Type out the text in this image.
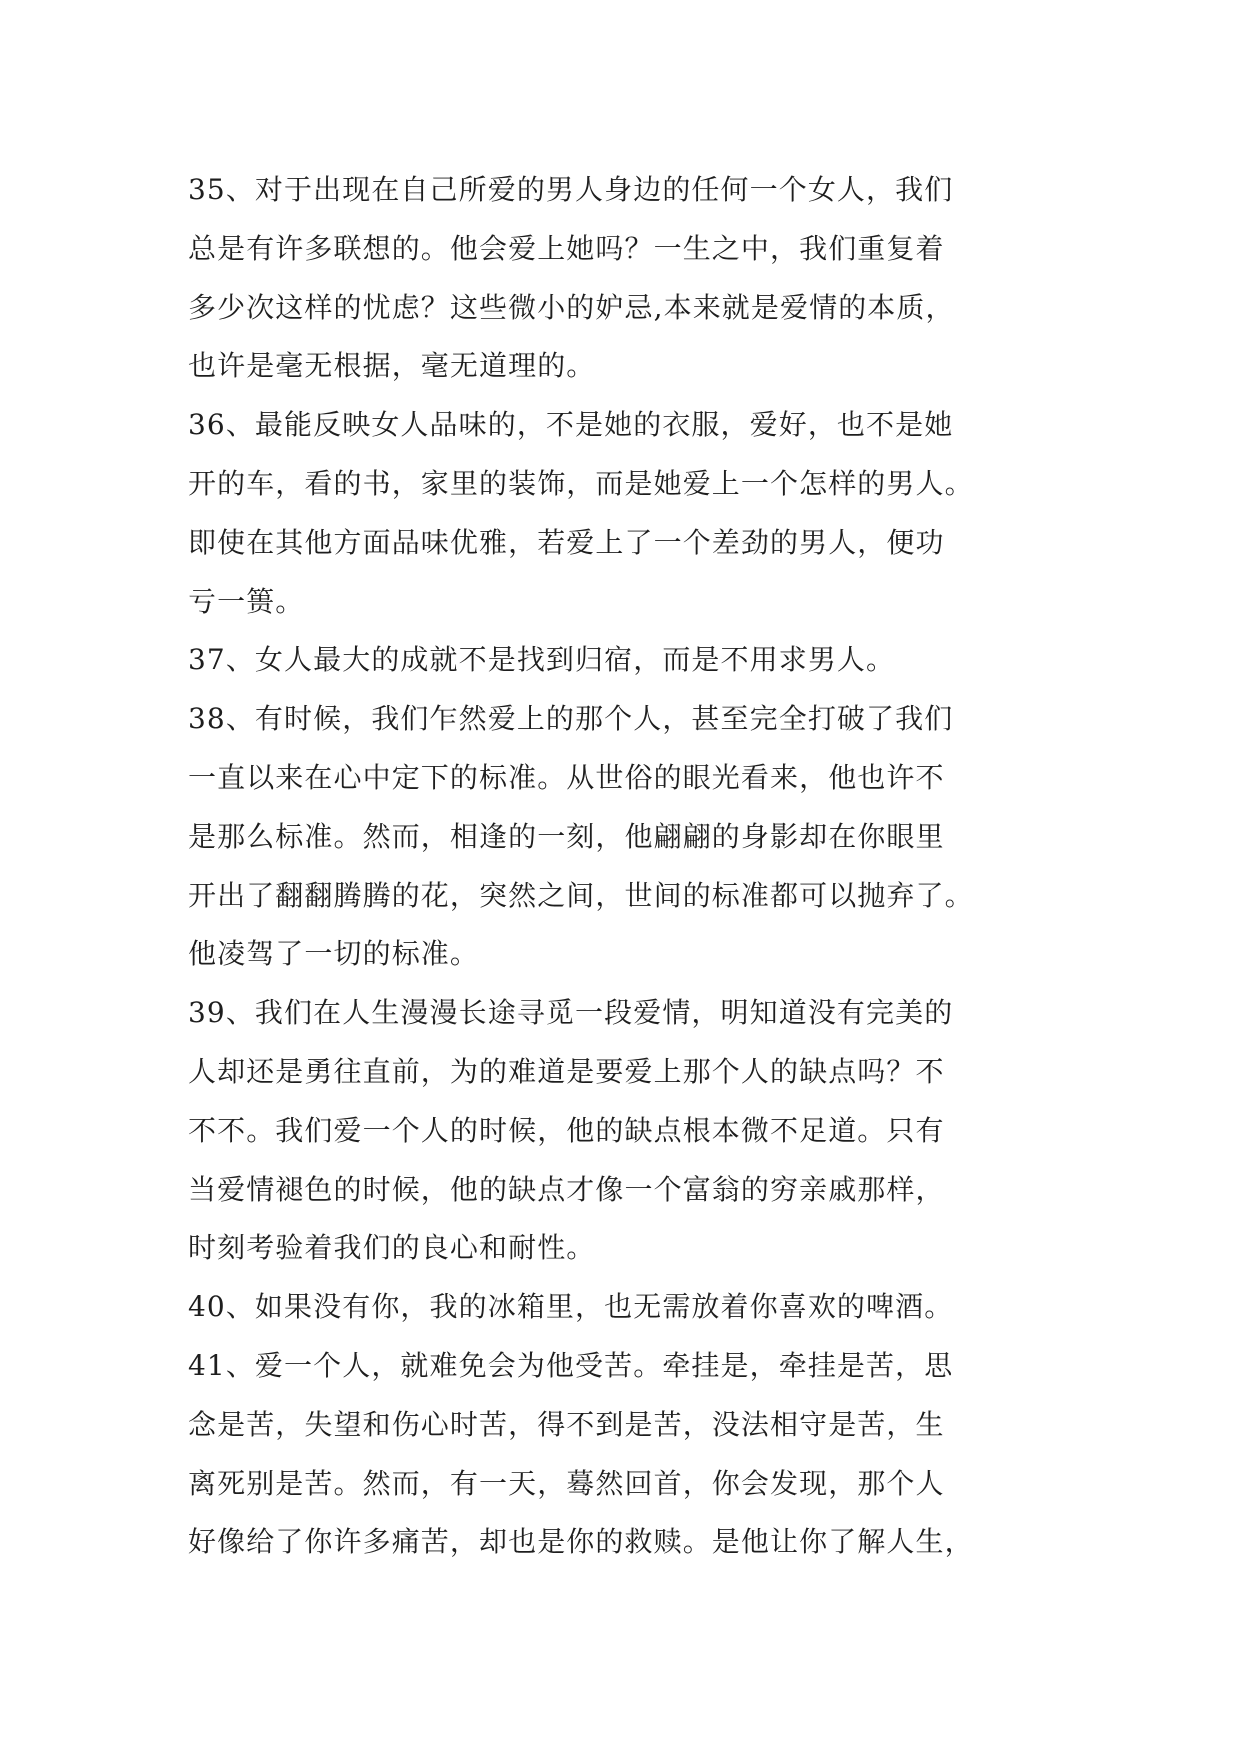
35、对于出现在自己所爱的男人身边的任何一个女人，我们
总是有许多联想的。他会爱上她吗？一生之中，我们重复着
多少次这样的忧虑？这些微小的妒忌,本来就是爱情的本质，
也许是毫无根据，毫无道理的。
36、最能反映女人品味的，不是她的衣服，爱好，也不是她
开的车，看的书，家里的装饰，而是她爱上一个怎样的男人。
即使在其他方面品味优雅，若爱上了一个差劲的男人，便功
亏一篑。
37、女人最大的成就不是找到归宿，而是不用求男人。
38、有时候，我们乍然爱上的那个人，甚至完全打破了我们
一直以来在心中定下的标准。从世俗的眼光看来，他也许不
是那么标准。然而，相逢的一刻，他翩翩的身影却在你眼里
开出了翻翻腾腾的花，突然之间，世间的标准都可以抛弃了。
他凌驾了一切的标准。
39、我们在人生漫漫长途寻觅一段爱情，明知道没有完美的
人却还是勇往直前，为的难道是要爱上那个人的缺点吗？不
不不。我们爱一个人的时候，他的缺点根本微不足道。只有
当爱情褪色的时候，他的缺点才像一个富翁的穷亲戚那样，
时刻考验着我们的良心和耐性。
40、如果没有你，我的冰箱里，也无需放着你喜欢的啤酒。
41、爱一个人，就难免会为他受苦。牵挂是，牵挂是苦，思
念是苦，失望和伤心时苦，得不到是苦，没法相守是苦，生
离死别是苦。然而，有一天，蓦然回首，你会发现，那个人
好像给了你许多痛苦，却也是你的救赎。是他让你了解人生，
